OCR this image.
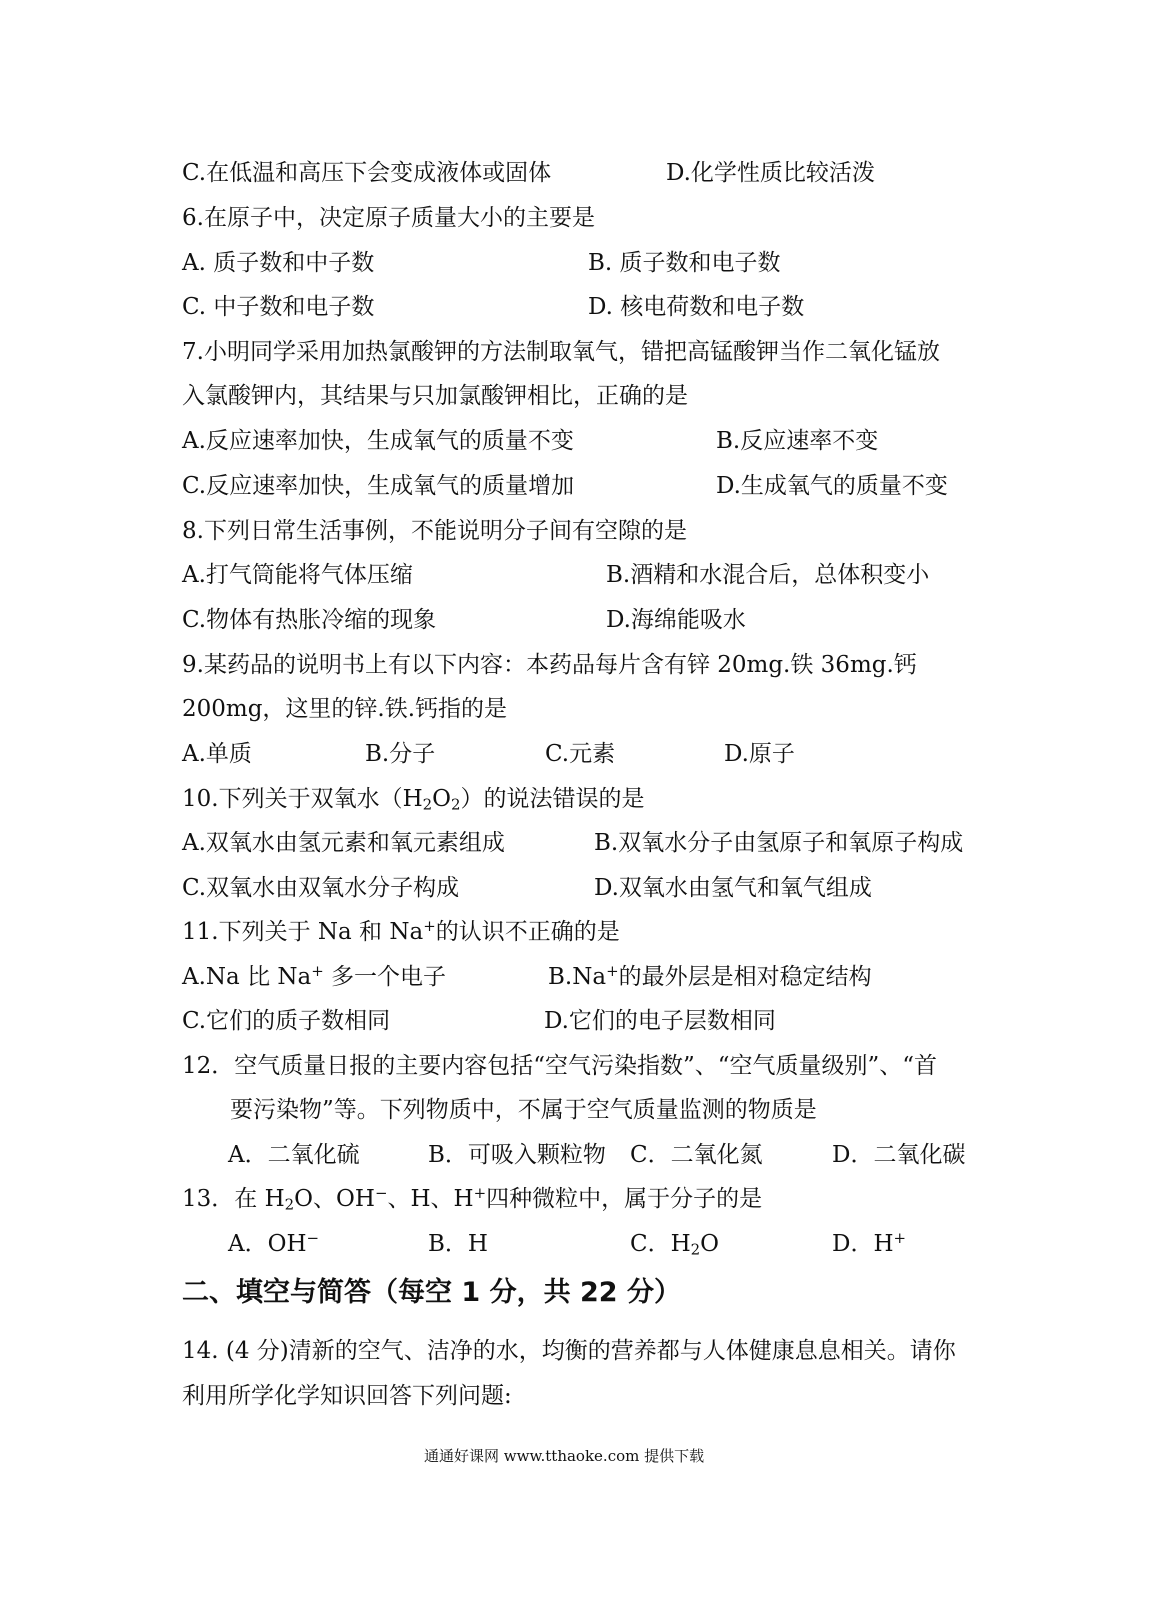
C.在低温和高压下会变成液体或固体	D.化学性质比较活泼
6.在原子中，决定原子质量大小的主要是
A. 质子数和中子数	B. 质子数和电子数
C. 中子数和电子数	D. 核电荷数和电子数
7.小明同学采用加热氯酸钾的方法制取氧气，错把高锰酸钾当作二氧化锰放
入氯酸钾内，其结果与只加氯酸钾相比，正确的是
A.反应速率加快，生成氧气的质量不变	B.反应速率不变
C.反应速率加快，生成氧气的质量增加	D.生成氧气的质量不变
8.下列日常生活事例，不能说明分子间有空隙的是
A.打气筒能将气体压缩	B.酒精和水混合后，总体积变小
C.物体有热胀冷缩的现象	D.海绵能吸水
9.某药品的说明书上有以下内容：本药品每片含有锌 20mg.铁 36mg.钙
200mg，这里的锌.铁.钙指的是
A.单质	B.分子	C.元素	D.原子
10.下列关于双氧水$(H_2O_2)$的说法错误的是
A.双氧水由氢元素和氧元素组成	B.双氧水分子由氢原子和氧原子构成
C.双氧水由双氧水分子构成	D.双氧水由氢气和氧气组成
11.下列关于 Na 和 Na+的认识不正确的是
A.Na 比 Na+ 多一个电子	B.Na+的最外层是相对稳定结构
C.它们的质子数相同	D.它们的电子层数相同
12．空气质量日报的主要内容包括“空气污染指数”、“空气质量级别”、“首
要污染物”等。下列物质中，不属于空气质量监测的物质是
A．二氧化硫	B．可吸入颗粒物 C．二氧化氮	D．二氧化碳
13．在 $H_2O$、OH−、H、H+四种微粒中，属于分子的是
A．OH−	B．H	C．$H_2O$	D．H+
二、填空与简答（每空 1 分，共 22 分）
14. (4 分)清新的空气、洁净的水，均衡的营养都与人体健康息息相关。请你
利用所学化学知识回答下列问题:
通通好课网 www.tthaoke.com 提供下载
